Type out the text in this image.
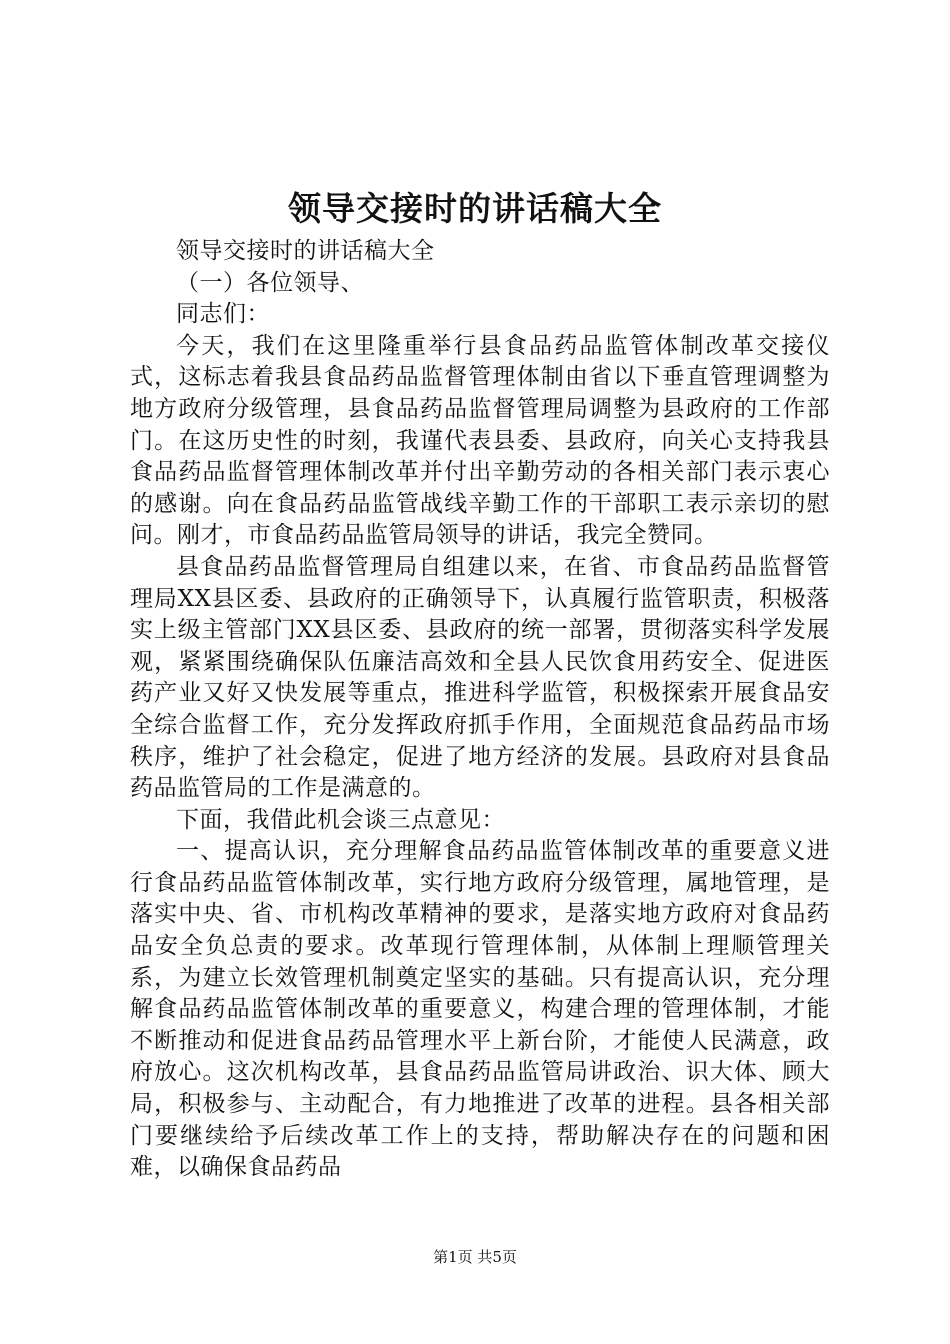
领导交接时的讲话稿大全

领导交接时的讲话稿大全

（一）各位领导、

同志们：

今天，我们在这里隆重举行县食品药品监管体制改革交接仪式，这标志着我县食品药品监督管理体制由省以下垂直管理调整为地方政府分级管理，县食品药品监督管理局调整为县政府的工作部门。在这历史性的时刻，我谨代表县委、县政府，向关心支持我县食品药品监督管理体制改革并付出辛勤劳动的各相关部门表示衷心的感谢。向在食品药品监管战线辛勤工作的干部职工表示亲切的慰问。刚才，市食品药品监管局领导的讲话，我完全赞同。

县食品药品监督管理局自组建以来，在省、市食品药品监督管理局XX县区委、县政府的正确领导下，认真履行监管职责，积极落实上级主管部门XX县区委、县政府的统一部署，贯彻落实科学发展观，紧紧围绕确保队伍廉洁高效和全县人民饮食用药安全、促进医药产业又好又快发展等重点，推进科学监管，积极探索开展食品安全综合监督工作，充分发挥政府抓手作用，全面规范食品药品市场秩序，维护了社会稳定，促进了地方经济的发展。县政府对县食品药品监管局的工作是满意的。

下面，我借此机会谈三点意见：

一、提高认识，充分理解食品药品监管体制改革的重要意义进行食品药品监管体制改革，实行地方政府分级管理，属地管理，是落实中央、省、市机构改革精神的要求，是落实地方政府对食品药品安全负总责的要求。改革现行管理体制，从体制上理顺管理关系，为建立长效管理机制奠定坚实的基础。只有提高认识，充分理解食品药品监管体制改革的重要意义，构建合理的管理体制，才能不断推动和促进食品药品管理水平上新台阶，才能使人民满意，政府放心。这次机构改革，县食品药品监管局讲政治、识大体、顾大局，积极参与、主动配合，有力地推进了改革的进程。县各相关部门要继续给予后续改革工作上的支持，帮助解决存在的问题和困难，以确保食品药品

第1页 共5页
